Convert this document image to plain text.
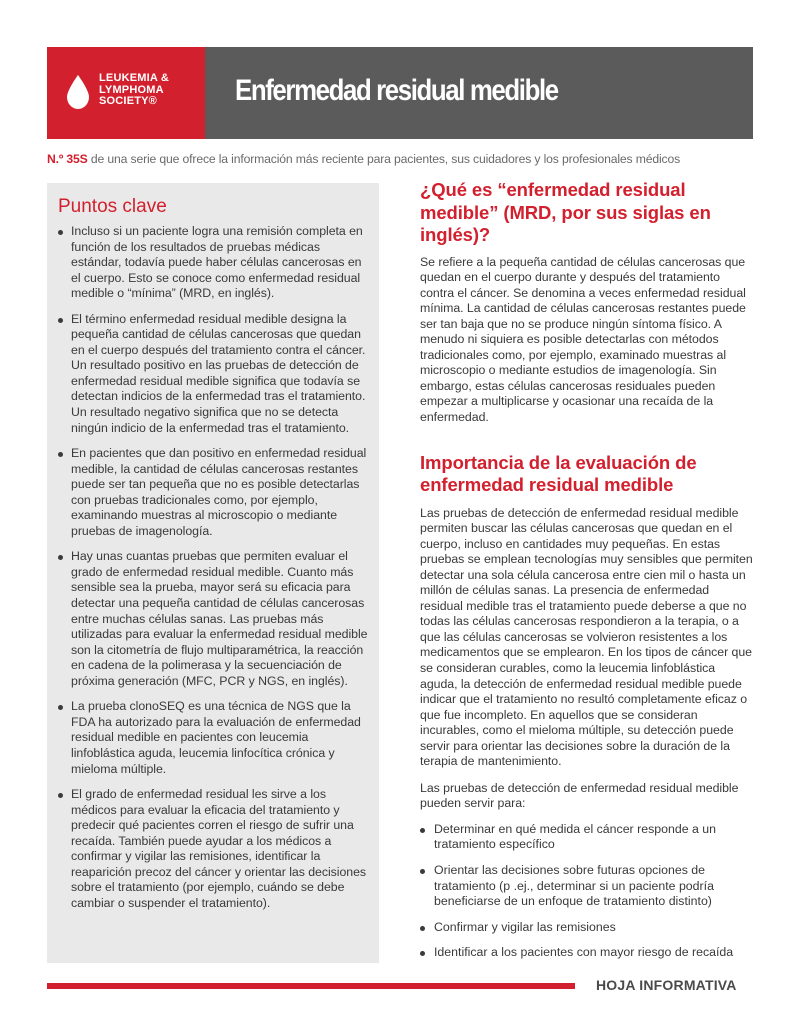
LEUKEMIA &
LYMPHOMA
SOCIETY®	Enfermedad residual medible
N.º 35S de una serie que ofrece la información más reciente para pacientes, sus cuidadores y los profesionales médicos
Puntos clave
Incluso si un paciente logra una remisión completa en función de los resultados de pruebas médicas estándar, todavía puede haber células cancerosas en el cuerpo. Esto se conoce como enfermedad residual medible o “mínima” (MRD, en inglés).
El término enfermedad residual medible designa la pequeña cantidad de células cancerosas que quedan en el cuerpo después del tratamiento contra el cáncer. Un resultado positivo en las pruebas de detección de enfermedad residual medible significa que todavía se detectan indicios de la enfermedad tras el tratamiento. Un resultado negativo significa que no se detecta ningún indicio de la enfermedad tras el tratamiento.
En pacientes que dan positivo en enfermedad residual medible, la cantidad de células cancerosas restantes puede ser tan pequeña que no es posible detectarlas con pruebas tradicionales como, por ejemplo, examinando muestras al microscopio o mediante pruebas de imagenología.
Hay unas cuantas pruebas que permiten evaluar el grado de enfermedad residual medible. Cuanto más sensible sea la prueba, mayor será su eficacia para detectar una pequeña cantidad de células cancerosas entre muchas células sanas. Las pruebas más utilizadas para evaluar la enfermedad residual medible son la citometría de flujo multiparamétrica, la reacción en cadena de la polimerasa y la secuenciación de próxima generación (MFC, PCR y NGS, en inglés).
La prueba clonoSEQ es una técnica de NGS que la FDA ha autorizado para la evaluación de enfermedad residual medible en pacientes con leucemia linfoblástica aguda, leucemia linfocítica crónica y mieloma múltiple.
El grado de enfermedad residual les sirve a los médicos para evaluar la eficacia del tratamiento y predecir qué pacientes corren el riesgo de sufrir una recaída. También puede ayudar a los médicos a confirmar y vigilar las remisiones, identificar la reaparición precoz del cáncer y orientar las decisiones sobre el tratamiento (por ejemplo, cuándo se debe cambiar o suspender el tratamiento).
¿Qué es “enfermedad residual medible” (MRD, por sus siglas en inglés)?

Se refiere a la pequeña cantidad de células cancerosas que quedan en el cuerpo durante y después del tratamiento contra el cáncer. Se denomina a veces enfermedad residual mínima. La cantidad de células cancerosas restantes puede ser tan baja que no se produce ningún síntoma físico. A menudo ni siquiera es posible detectarlas con métodos tradicionales como, por ejemplo, examinado muestras al microscopio o mediante estudios de imagenología. Sin embargo, estas células cancerosas residuales pueden empezar a multiplicarse y ocasionar una recaída de la enfermedad.

Importancia de la evaluación de enfermedad residual medible

Las pruebas de detección de enfermedad residual medible permiten buscar las células cancerosas que quedan en el cuerpo, incluso en cantidades muy pequeñas. En estas pruebas se emplean tecnologías muy sensibles que permiten detectar una sola célula cancerosa entre cien mil o hasta un millón de células sanas. La presencia de enfermedad residual medible tras el tratamiento puede deberse a que no todas las células cancerosas respondieron a la terapia, o a que las células cancerosas se volvieron resistentes a los medicamentos que se emplearon. En los tipos de cáncer que se consideran curables, como la leucemia linfoblástica aguda, la detección de enfermedad residual medible puede indicar que el tratamiento no resultó completamente eficaz o que fue incompleto. En aquellos que se consideran incurables, como el mieloma múltiple, su detección puede servir para orientar las decisiones sobre la duración de la terapia de mantenimiento.

Las pruebas de detección de enfermedad residual medible pueden servir para:

Determinar en qué medida el cáncer responde a un tratamiento específico
Orientar las decisiones sobre futuras opciones de tratamiento (p .ej., determinar si un paciente podría beneficiarse de un enfoque de tratamiento distinto)
Confirmar y vigilar las remisiones
Identificar a los pacientes con mayor riesgo de recaída
HOJA INFORMATIVA
